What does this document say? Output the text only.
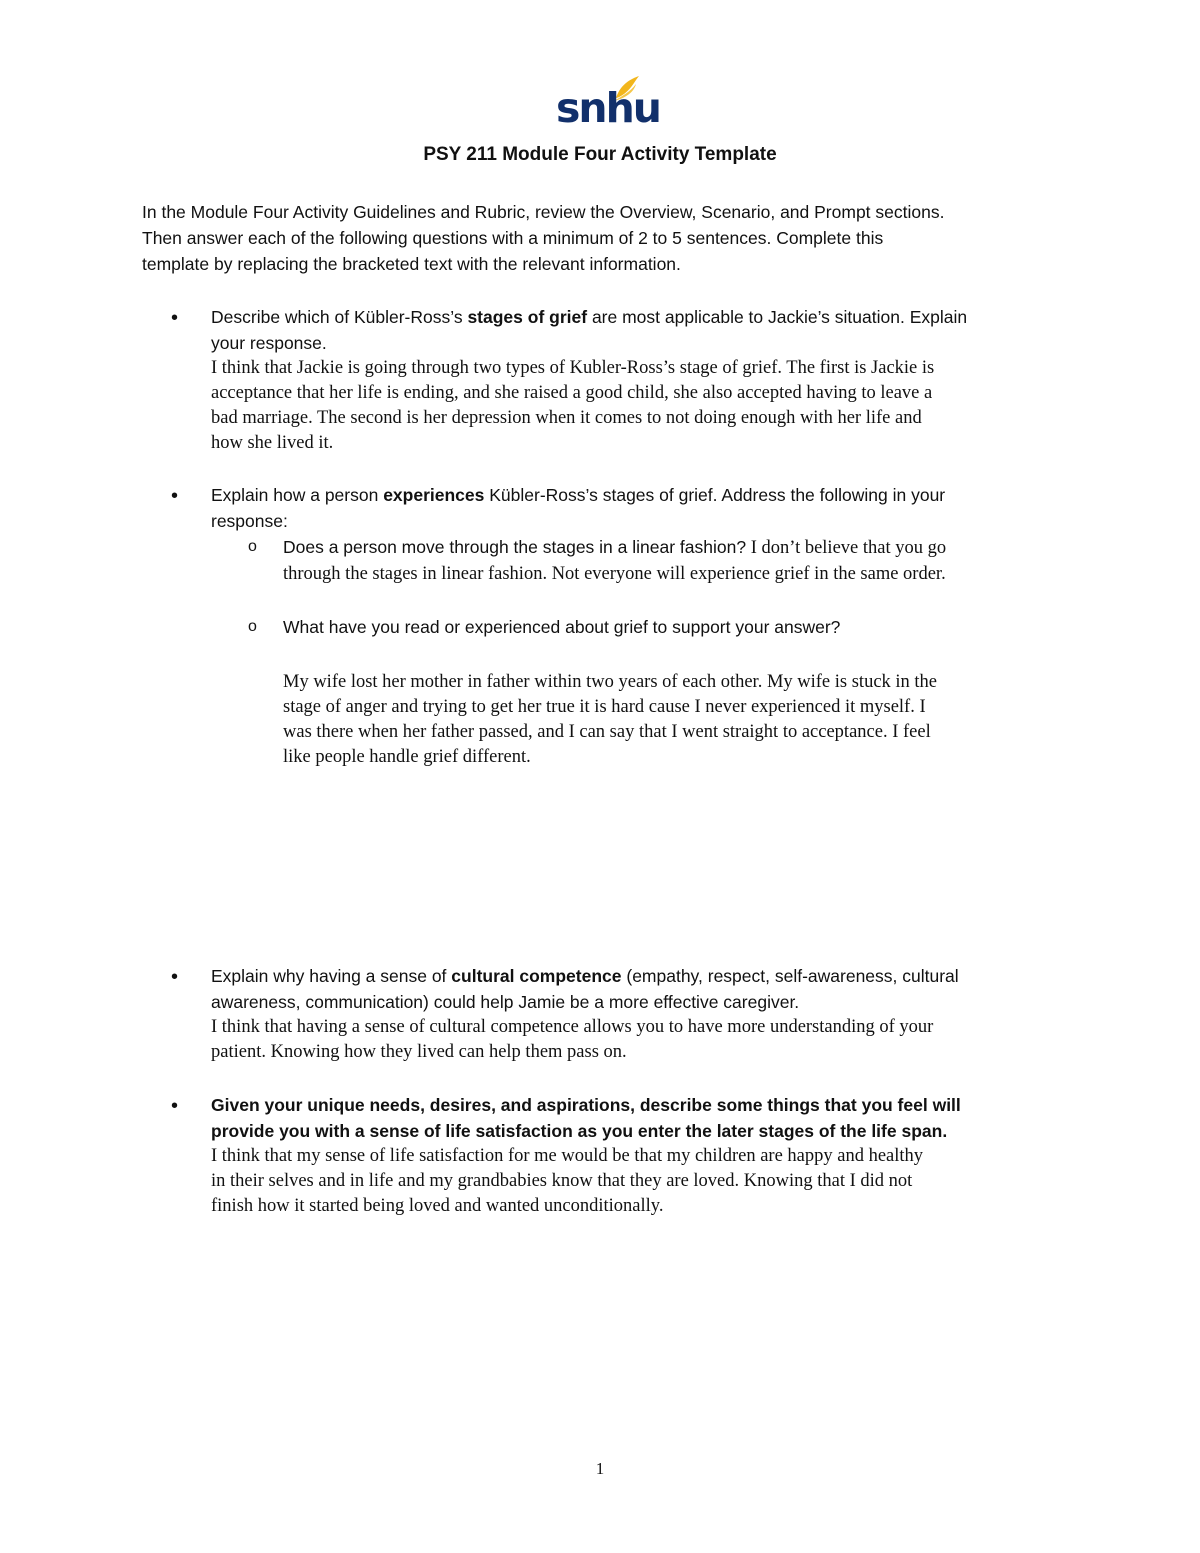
snhu
PSY 211 Module Four Activity Template

In the Module Four Activity Guidelines and Rubric, review the Overview, Scenario, and Prompt sections.

Then answer each of the following questions with a minimum of 2 to 5 sentences. Complete this

template by replacing the bracketed text with the relevant information.

• Describe which of Kübler-Ross’s stages of grief are most applicable to Jackie’s situation. Explain
your response.
I think that Jackie is going through two types of Kubler-Ross’s stage of grief. The first is Jackie is
acceptance that her life is ending, and she raised a good child, she also accepted having to leave a
bad marriage. The second is her depression when it comes to not doing enough with her life and
how she lived it.
• Explain how a person experiences Kübler-Ross’s stages of grief. Address the following in your
response:
o Does a person move through the stages in a linear fashion? I don’t believe that you go
through the stages in linear fashion. Not everyone will experience grief in the same order.
o What have you read or experienced about grief to support your answer?
My wife lost her mother in father within two years of each other. My wife is stuck in the
stage of anger and trying to get her true it is hard cause I never experienced it myself. I
was there when her father passed, and I can say that I went straight to acceptance. I feel
like people handle grief different.
• Explain why having a sense of cultural competence (empathy, respect, self-awareness, cultural
awareness, communication) could help Jamie be a more effective caregiver.
I think that having a sense of cultural competence allows you to have more understanding of your
patient. Knowing how they lived can help them pass on.
• Given your unique needs, desires, and aspirations, describe some things that you feel will
provide you with a sense of life satisfaction as you enter the later stages of the life span.
I think that my sense of life satisfaction for me would be that my children are happy and healthy
in their selves and in life and my grandbabies know that they are loved. Knowing that I did not
finish how it started being loved and wanted unconditionally.
1
